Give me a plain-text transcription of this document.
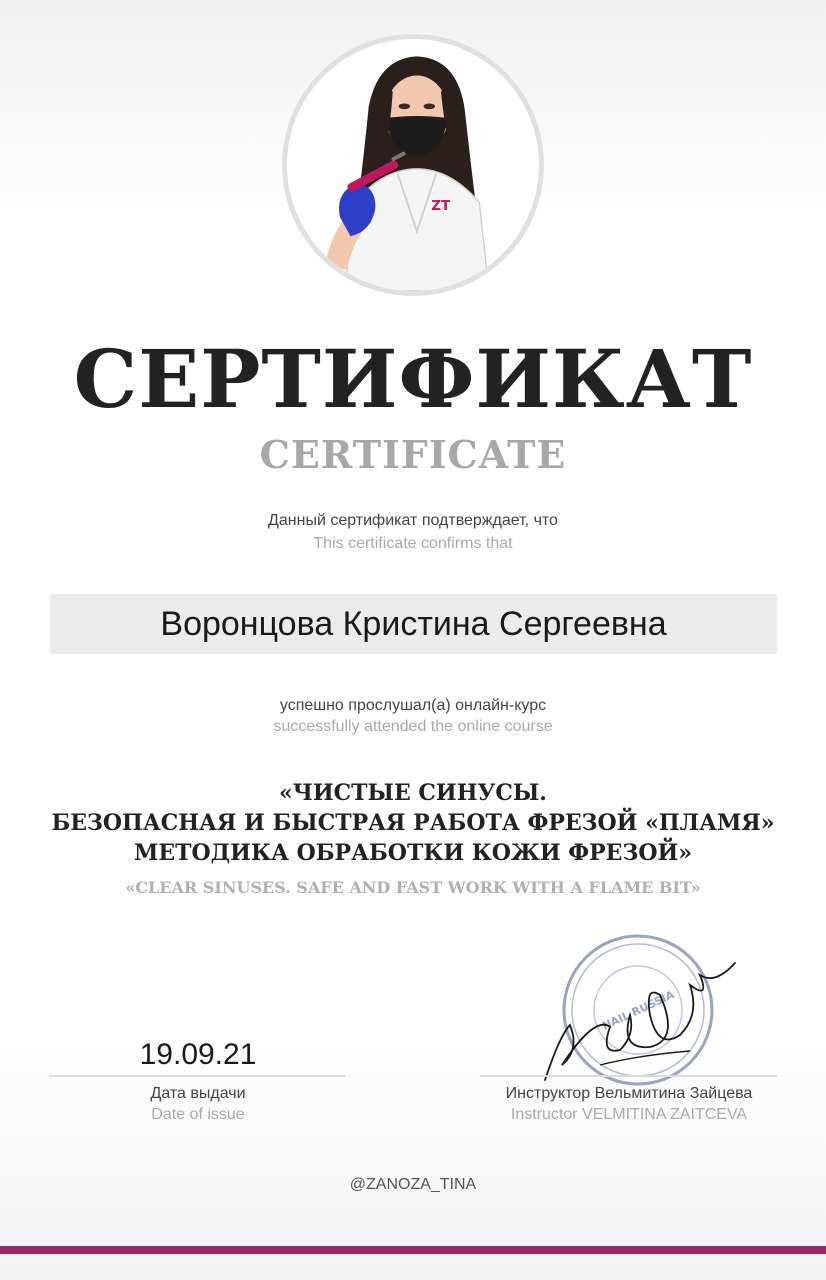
ZT
СЕРТИФИКАТ
CERTIFICATE
Данный сертификат подтверждает, что
This certificate confirms that
Воронцова Кристина Сергеевна
успешно прослушал(а) онлайн-курс
successfully attended the online course
«ЧИСТЫЕ СИНУСЫ.
БЕЗОПАСНАЯ И БЫСТРАЯ РАБОТА ФРЕЗОЙ «ПЛАМЯ»
МЕТОДИКА ОБРАБОТКИ КОЖИ ФРЕЗОЙ»
«CLEAR SINUSES. SAFE AND FAST WORK WITH A FLAME BIT»
NAIL RUSSIA
19.09.21
Дата выдачи
Date of issue
Инструктор Вельмитина Зайцева
Instructor VELMITINA ZAITCEVA
@ZANOZA_TINA
